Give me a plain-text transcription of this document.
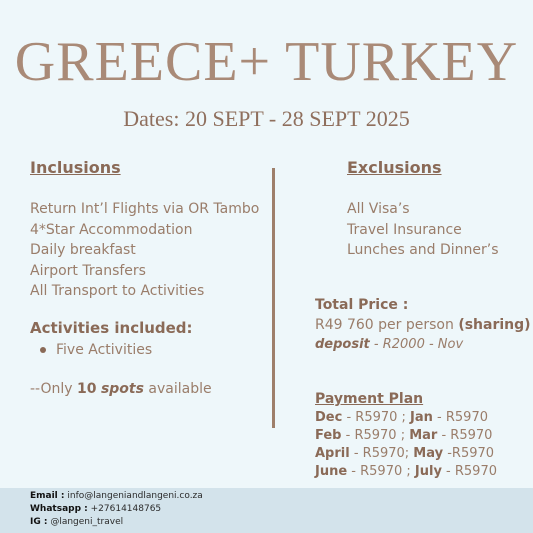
GREECE+ TURKEY
Dates: 20 SEPT - 28 SEPT 2025
Inclusions
Return Int’l Flights via OR Tambo
4*Star Accommodation
Daily breakfast
Airport Transfers
All Transport to Activities
Activities included:
Five Activities
--Only 10 spots available
Exclusions
All Visa’s
Travel Insurance
Lunches and Dinner’s
Total Price :
R49 760 per person (sharing)
deposit - R2000 - Nov
Payment Plan
Dec - R5970 ; Jan - R5970
Feb - R5970 ; Mar - R5970
April - R5970; May -R5970
June - R5970 ; July - R5970
Email : info@langeniandlangeni.co.za
Whatsapp : +27614148765
IG : @langeni_travel
